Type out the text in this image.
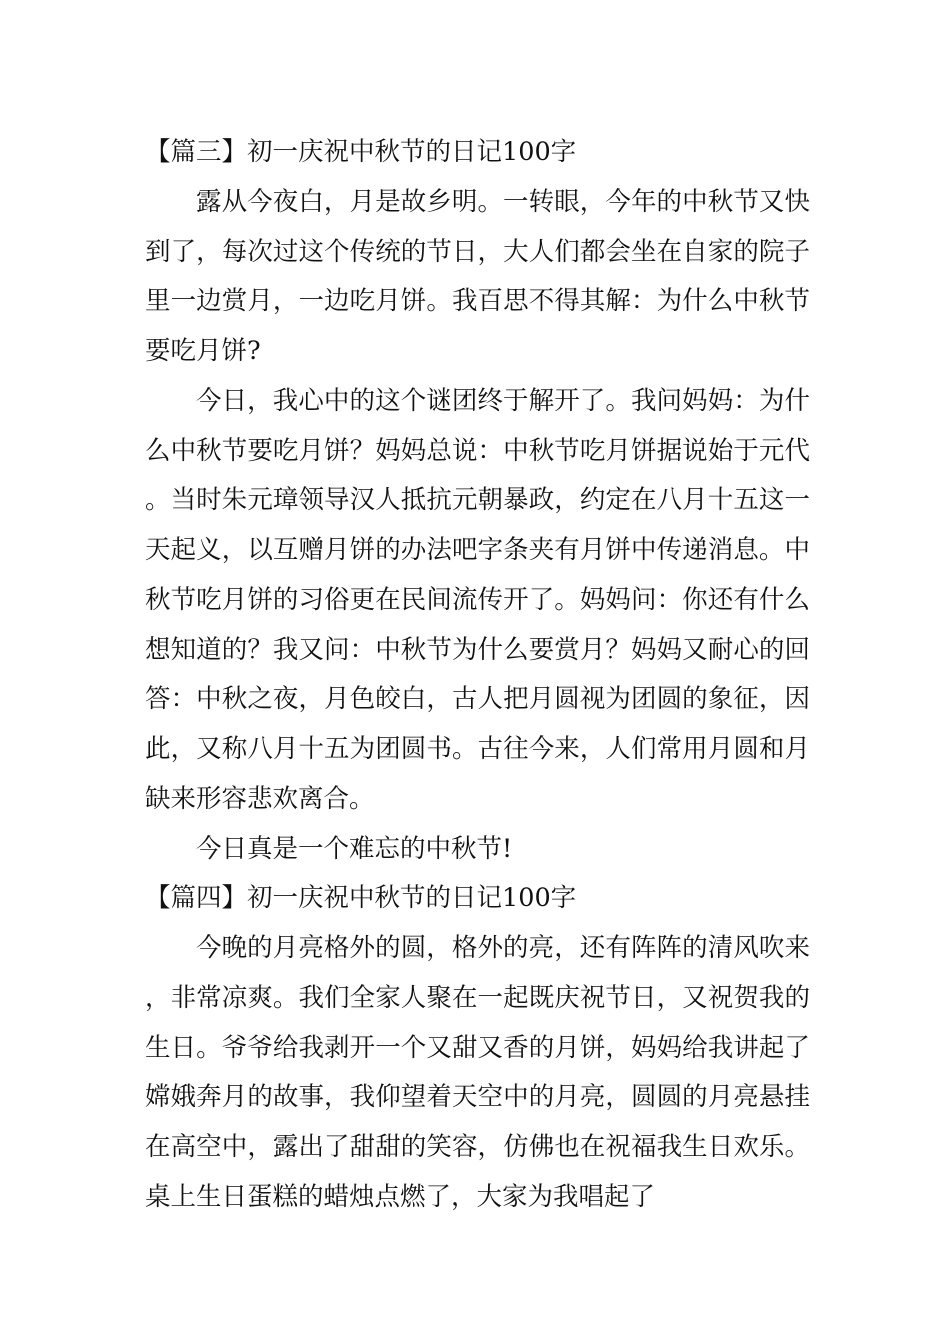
【篇三】初一庆祝中秋节的日记100字

露从今夜白，月是故乡明。一转眼，今年的中秋节又快到了，每次过这个传统的节日，大人们都会坐在自家的院子里一边赏月，一边吃月饼。我百思不得其解：为什么中秋节要吃月饼?

今日，我心中的这个谜团终于解开了。我问妈妈：为什么中秋节要吃月饼？妈妈总说：中秋节吃月饼据说始于元代。当时朱元璋领导汉人抵抗元朝暴政，约定在八月十五这一天起义，以互赠月饼的办法吧字条夹有月饼中传递消息。中秋节吃月饼的习俗更在民间流传开了。妈妈问：你还有什么想知道的？我又问：中秋节为什么要赏月？妈妈又耐心的回答：中秋之夜，月色皎白，古人把月圆视为团圆的象征，因此，又称八月十五为团圆书。古往今来，人们常用月圆和月缺来形容悲欢离合。

今日真是一个难忘的中秋节!

【篇四】初一庆祝中秋节的日记100字

今晚的月亮格外的圆，格外的亮，还有阵阵的清风吹来，非常凉爽。我们全家人聚在一起既庆祝节日，又祝贺我的生日。爷爷给我剥开一个又甜又香的月饼，妈妈给我讲起了嫦娥奔月的故事，我仰望着天空中的月亮，圆圆的月亮悬挂在高空中，露出了甜甜的笑容，仿佛也在祝福我生日欢乐。桌上生日蛋糕的蜡烛点燃了，大家为我唱起了
